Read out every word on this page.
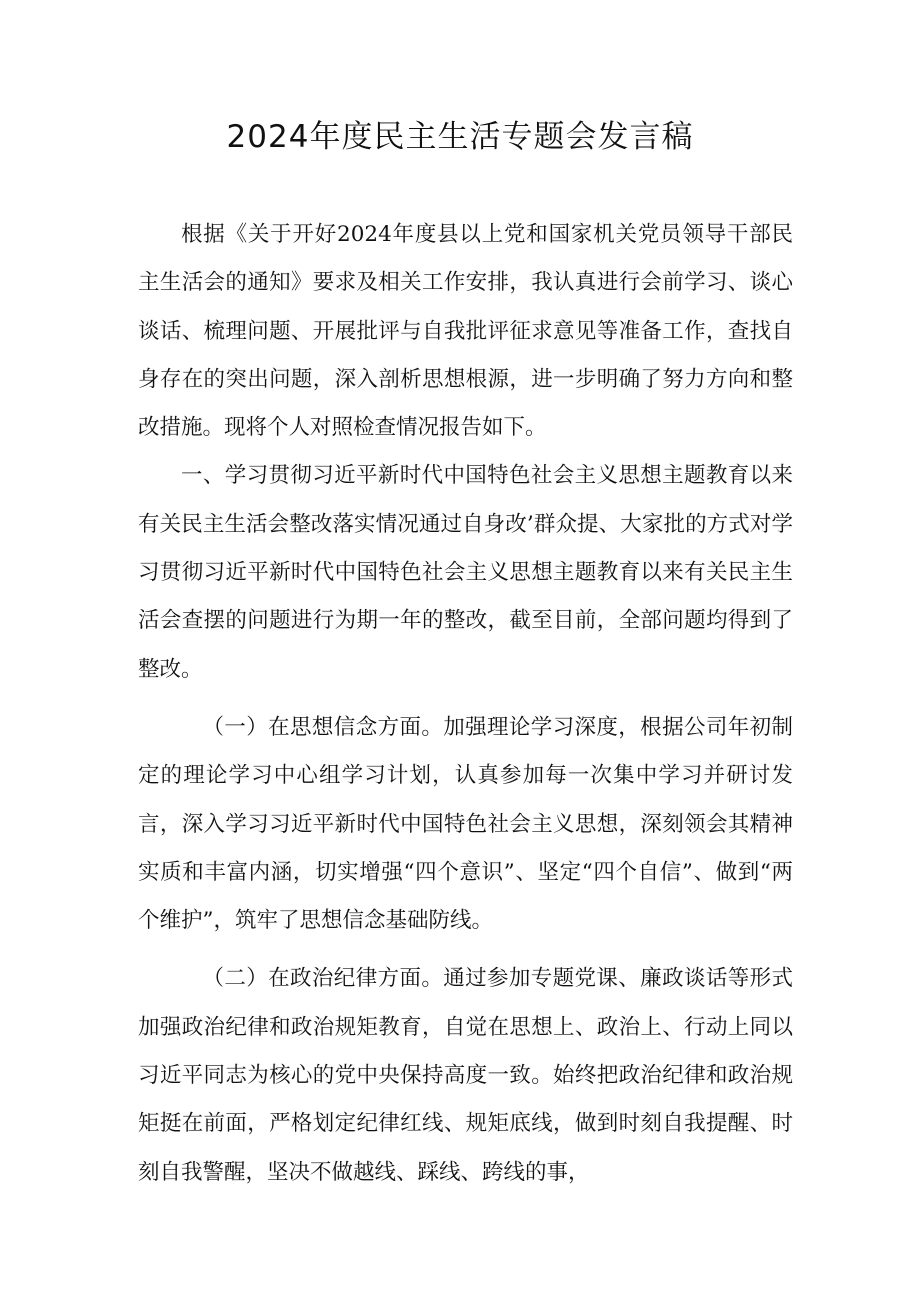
2024年度民主生活专题会发言稿

根据《关于开好2024年度县以上党和国家机关党员领导干部民主生活会的通知》要求及相关工作安排，我认真进行会前学习、谈心谈话、梳理问题、开展批评与自我批评征求意见等准备工作，查找自身存在的突出问题，深入剖析思想根源，进一步明确了努力方向和整改措施。现将个人对照检查情况报告如下。

一、学习贯彻习近平新时代中国特色社会主义思想主题教育以来有关民主生活会整改落实情况通过自身改’群众提、大家批的方式对学习贯彻习近平新时代中国特色社会主义思想主题教育以来有关民主生活会查摆的问题进行为期一年的整改，截至目前，全部问题均得到了整改。

（一）在思想信念方面。加强理论学习深度，根据公司年初制定的理论学习中心组学习计划，认真参加每一次集中学习并研讨发言，深入学习习近平新时代中国特色社会主义思想，深刻领会其精神实质和丰富内涵，切实增强“四个意识”、坚定“四个自信”、做到“两个维护”，筑牢了思想信念基础防线。

（二）在政治纪律方面。通过参加专题党课、廉政谈话等形式加强政治纪律和政治规矩教育，自觉在思想上、政治上、行动上同以习近平同志为核心的党中央保持高度一致。始终把政治纪律和政治规矩挺在前面，严格划定纪律红线、规矩底线，做到时刻自我提醒、时刻自我警醒，坚决不做越线、踩线、跨线的事，
